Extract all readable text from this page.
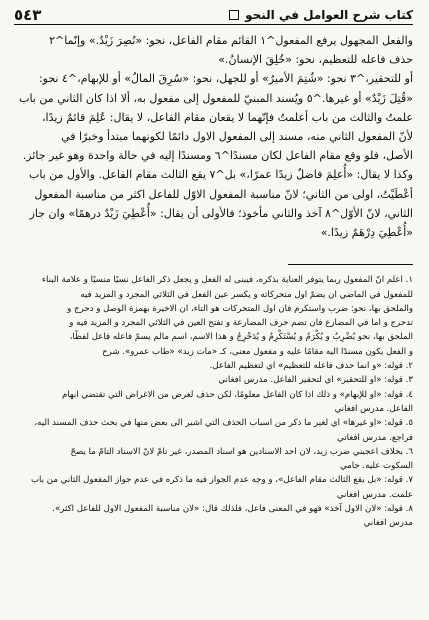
كتاب شرح العوامل في النحو
٥٤٣

والفعل المجهول يرفع المفعول^١ القائم مقام الفاعل، نحو: «نُصِرَ زَيْدٌ.» وإنّما^٢

حذف فاعله للتعظيم، نحو: «خُلِقَ الإنسانُ.»

أو للتحقير،^٣ نحو: «شُتِمَ الأميرُ» أو للجهل، نحو: «سُرِقَ المالُ» أو للإبهام،^٤ نحو:

«قُتِلَ زَيْدٌ» أو غيرها.^٥ ويُسند المبنيّ للمفعول إلى مفعول به، ألا اذا كان الثاني من باب

علمتُ والثالث من باب أعلمتُ فإنّهما لا يقعان مقام الفاعل، لا يقال: عُلِمَ قائمٌ زيدًا،

لأنّ المفعول الثاني منه، مسند إلى المفعول الاول دائمًا لكونهما مبتدأ وخبرًا في

الأصل، فلو وقع مقام الفاعل لكان مسندًا^٦ ومسندًا إليه في حالة واحدة وهو غير جائز.

وكذا لا يقال: «أُعلِمَ فاضلٌ زيدًا عمرًا،» بل^٧ يقع الثالث مقام الفاعل. والأول من باب

أعْطَيْتُ، اولى من الثاني؛ لانّ مناسبة المفعول الاوّل للفاعل اكثر من مناسبة المفعول

الثاني، لانّ الأوّل^٨ آخذ والثاني مأخوذ؛ فالأولى أن يقال: «أُعْطِيَ زَيْدٌ درهمًا» وان جاز

«أُعْطِيَ دِرْهَمٌ زيدًا.»

١. اعلم انّ المفعول ربما يتوفر العناية بذكره، فيبنى له الفعل و يجعل ذكر الفاعل نسيًا منسيًا و علامة البناء

للمفعول في الماضي ان يضمّ اول متحركاته و يكسر عين الفعل في الثلاثي المجرد و المزيد فيه

والملحق بها، نحو: ضرب واستكرم فان اول المتحركات هو التاء، ان الاخيرة بهمزة الوصل و دحرج و

تدحرج و اما في المضارع فان تضم حرف المضارعة و تفتح العين في الثلاثي المجرد و المزيد فيه و

الملحق بها، نحو يُضْرِبُ و يُكْرَمُ و يُسْتَكْرِمُ و يُدَحْرِجُ و هذا الاسم، اسم مالم يسمّ فاعله فاعل لفظًا،

و الفعل يكون مسندًا اليه مقامًا عليه و مفعول معنى، كـ «مات زيد» «طاب عمرو». شرح

٢. قوله: «و انما حذف فاعله للتعظيم» اي لتعظيم الفاعل.

٣. قوله: «او للتحقير» اي لتحقير الفاعل. مدرس افغاني

٤. قوله: «او للإبهام» و ذلك اذا كان الفاعل معلومًا، لكن حذف لغرض من الاغراض التي تقتضي ابهام

الفاعل. مدرس افغاني

٥. قوله: «او غيرها» اي لغير ما ذكر من اسباب الحذف التي اشير الى بعض منها في بحث حذف المسند اليه،

فراجع. مدرس افغاني

٦. بخلاف اعجبني ضرب زيد، لان احد الاسنادين هو اسناد المصدر، غير تامّ لانّ الاسناد التامّ ما يصحّ

السكوت عليه. جامي

٧. قوله: «بل يقع الثالث مقام الفاعل»، و وجه عدم الجواز فيه ما ذكره في عدم جواز المفعول الثاني من باب

علمت. مدرس افغاني

٨. قوله: «لان الاول آخذ» فهو في المعنى فاعل، فلذلك قال: «لان مناسبة المفعول الاول للفاعل اكثر».

مدرس افغاني
